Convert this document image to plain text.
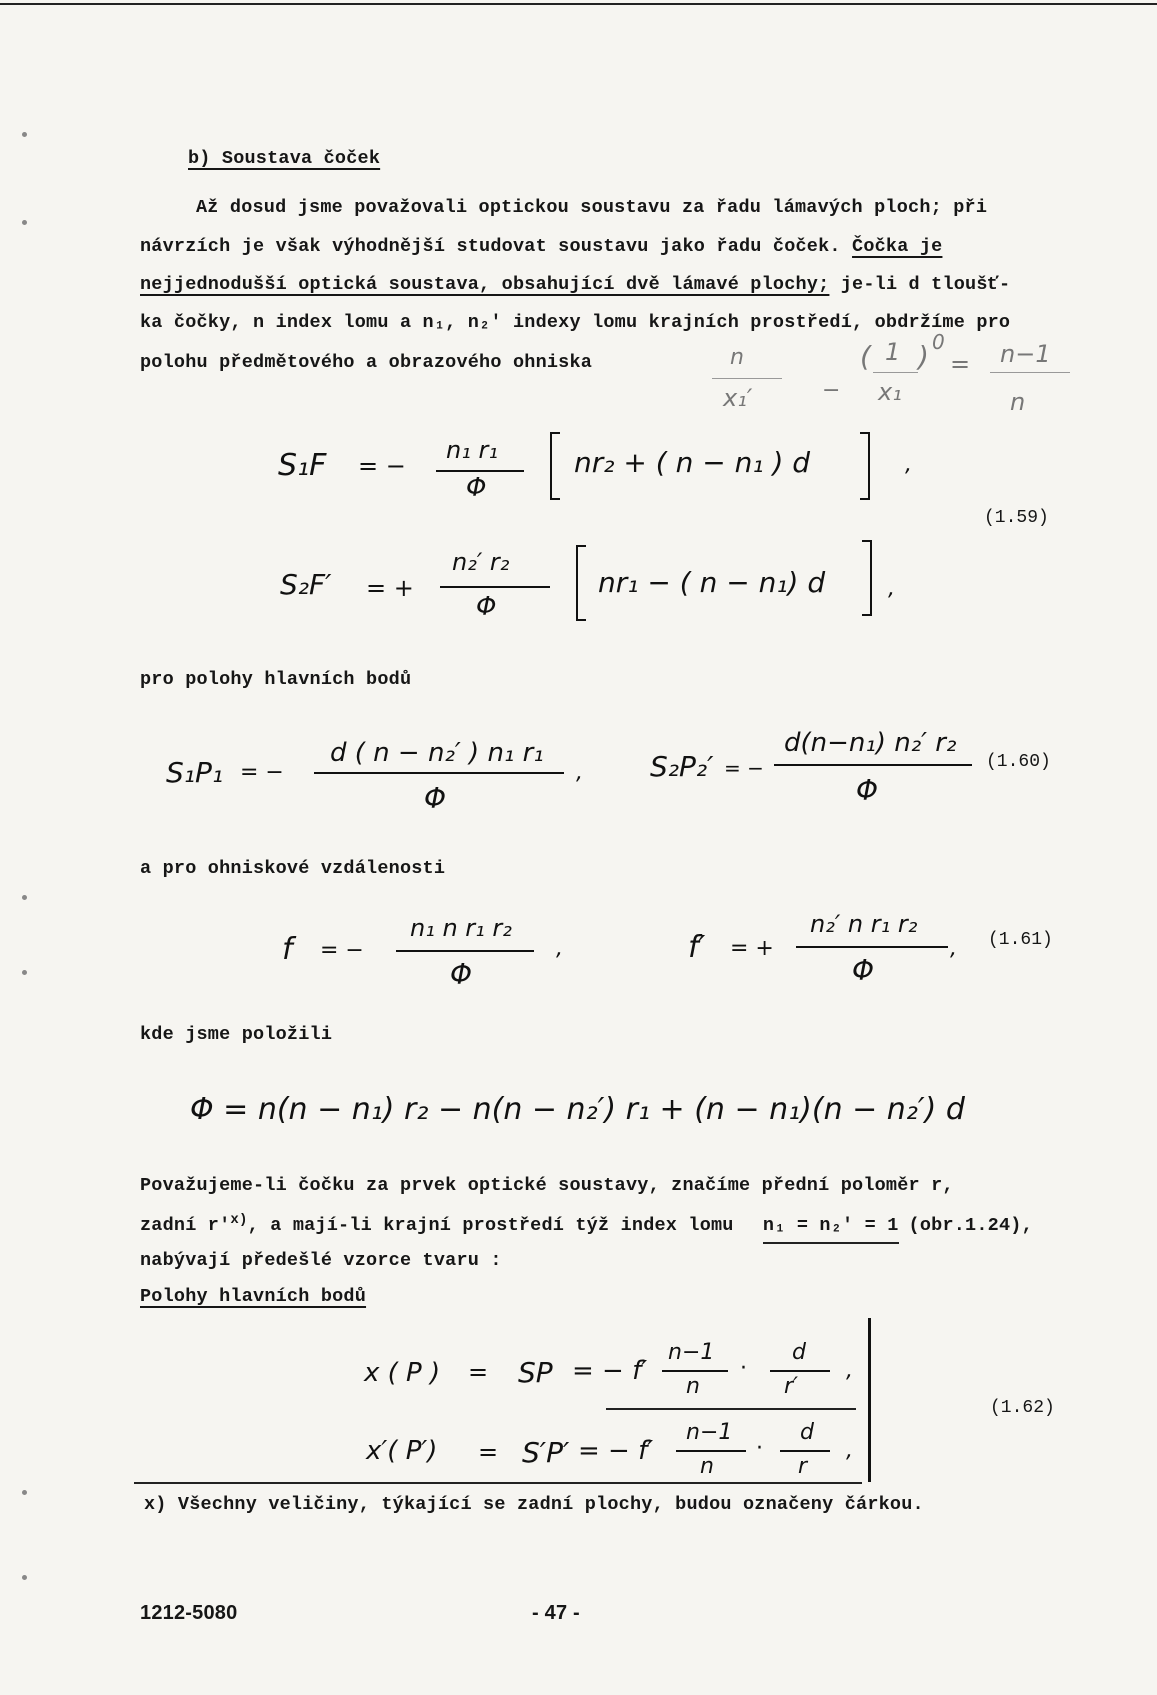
b) Soustava čoček
Až dosud jsme považovali optickou soustavu za řadu lámavých ploch; při
návrzích je však výhodnější studovat soustavu jako řadu čoček. Čočka je
nejjednodušší optická soustava, obsahující dvě lámavé plochy; je-li d tloušť-
ka čočky, n index lomu a n₁, n₂′ indexy lomu krajních prostředí, obdržíme pro
polohu předmětového a obrazového ohniska	n
x₁′	−
( 1
x₁
) 0
= n−1
n
S₁F = −
n₁ r₁
Φ
nr₂ + ( n − n₁ ) d	,
(1.59)
S₂F′ = +
n₂′ r₂
Φ
nr₁ − ( n − n₁) d	,
pro polohy hlavních bodů
S₁P₁ = −
d ( n − n₂′ ) n₁ r₁
Φ
, S₂P₂′ = −
d(n−n₁) n₂′ r₂
Φ
(1.60)
a pro ohniskové vzdálenosti
f = −
n₁ n r₁ r₂
Φ
,	f′ = +
n₂′ n r₁ r₂
Φ
, (1.61)
kde jsme položili
Φ = n(n − n₁) r₂ − n(n − n₂′) r₁ + (n − n₁)(n − n₂′) d
Považujeme-li čočku za prvek optické soustavy, značíme přední poloměr r,
zadní $r'^{x)}$, a mají-li krajní prostředí týž index lomu n₁ = n₂′ = 1 (obr.1.24),
nabývají předešlé vzorce tvaru :
Polohy hlavních bodů
x ( P ) = SP = − f′
n−1
n
·
d
r′
,
x′( P′) = S′P′ = − f′
n−1
n
·
d
r
,
(1.62)
x) Všechny veličiny, týkající se zadní plochy, budou označeny čárkou.
1212-5080	- 47 -
